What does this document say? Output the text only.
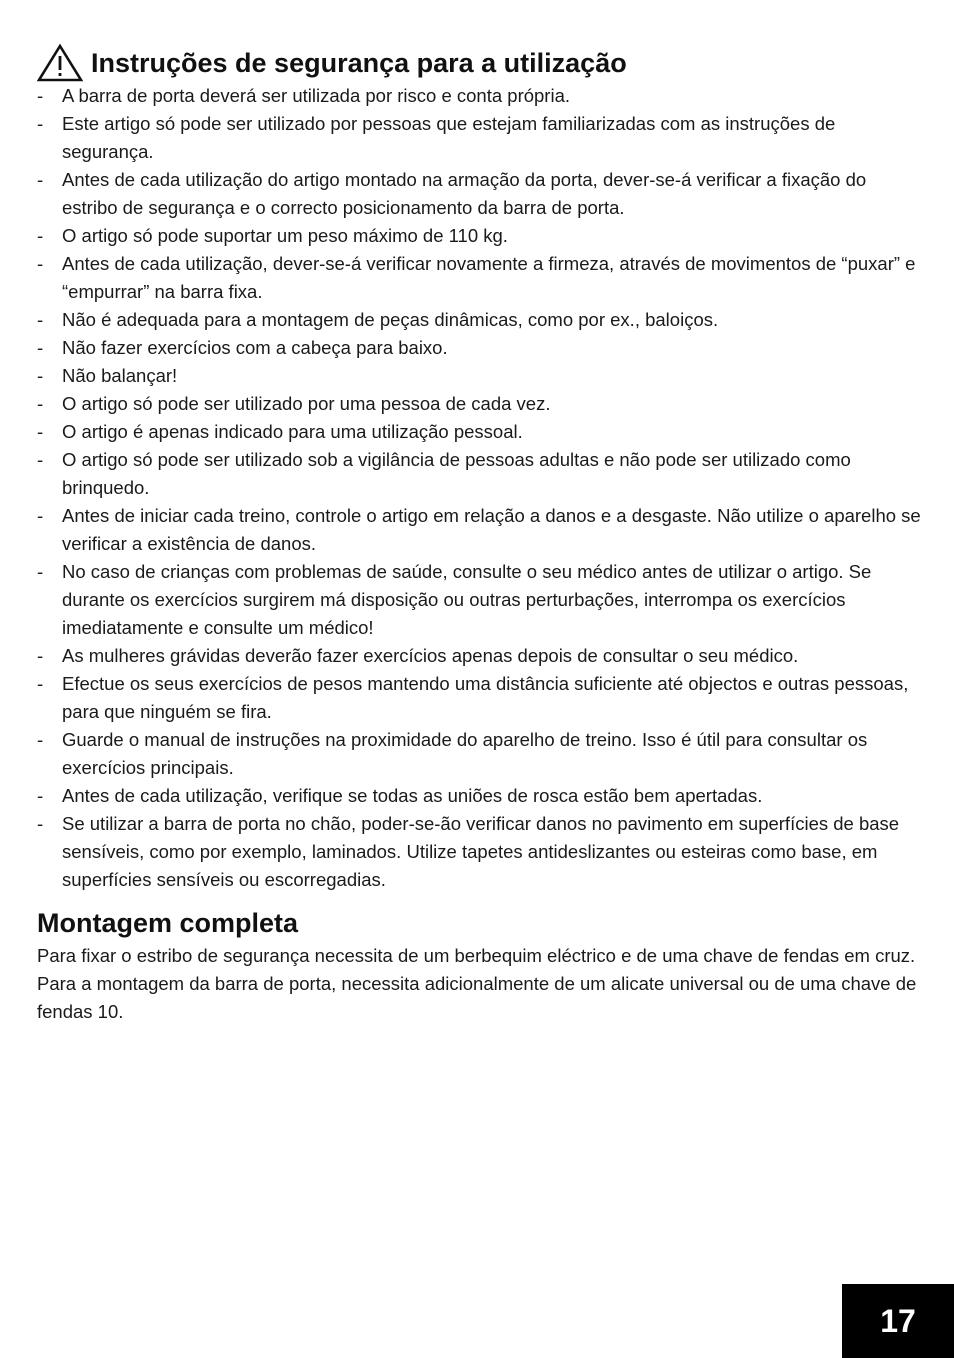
Instruções de segurança para a utilização
- A barra de porta deverá ser utilizada por risco e conta própria.
- Este artigo só pode ser utilizado por pessoas que estejam familiarizadas com as instruções de segurança.
- Antes de cada utilização do artigo montado na armação da porta, dever-se-á verificar a fixação do estribo de segurança e o correcto posicionamento da barra de porta.
- O artigo só pode suportar um peso máximo de 110 kg.
- Antes de cada utilização, dever-se-á verificar novamente a firmeza, através de movimentos de “puxar” e “empurrar” na barra fixa.
- Não é adequada para a montagem de peças dinâmicas, como por ex., baloiços.
- Não fazer exercícios com a cabeça para baixo.
- Não balançar!
- O artigo só pode ser utilizado por uma pessoa de cada vez.
- O artigo é apenas indicado para uma utilização pessoal.
- O artigo só pode ser utilizado sob a vigilância de pessoas adultas e não pode ser utilizado como brinquedo.
- Antes de iniciar cada treino, controle o artigo em relação a danos e a desgaste. Não utilize o aparelho se verificar a existência de danos.
- No caso de crianças com problemas de saúde, consulte o seu médico antes de utilizar o artigo. Se durante os exercícios surgirem má disposição ou outras perturbações, interrompa os exercícios imediatamente e consulte um médico!
- As mulheres grávidas deverão fazer exercícios apenas depois de consultar o seu médico.
- Efectue os seus exercícios de pesos mantendo uma distância suficiente até objectos e outras pessoas, para que ninguém se fira.
- Guarde o manual de instruções na proximidade do aparelho de treino. Isso é útil para consultar os exercícios principais.
- Antes de cada utilização, verifique se todas as uniões de rosca estão bem apertadas.
- Se utilizar a barra de porta no chão, poder-se-ão verificar danos no pavimento em superfícies de base sensíveis, como por exemplo, laminados. Utilize tapetes antideslizantes ou esteiras como base, em superfícies sensíveis ou escorregadias.
Montagem completa

Para fixar o estribo de segurança necessita de um berbequim eléctrico e de uma chave de fendas em cruz. Para a montagem da barra de porta, necessita adicionalmente de um alicate universal ou de uma chave de fendas 10.

17
